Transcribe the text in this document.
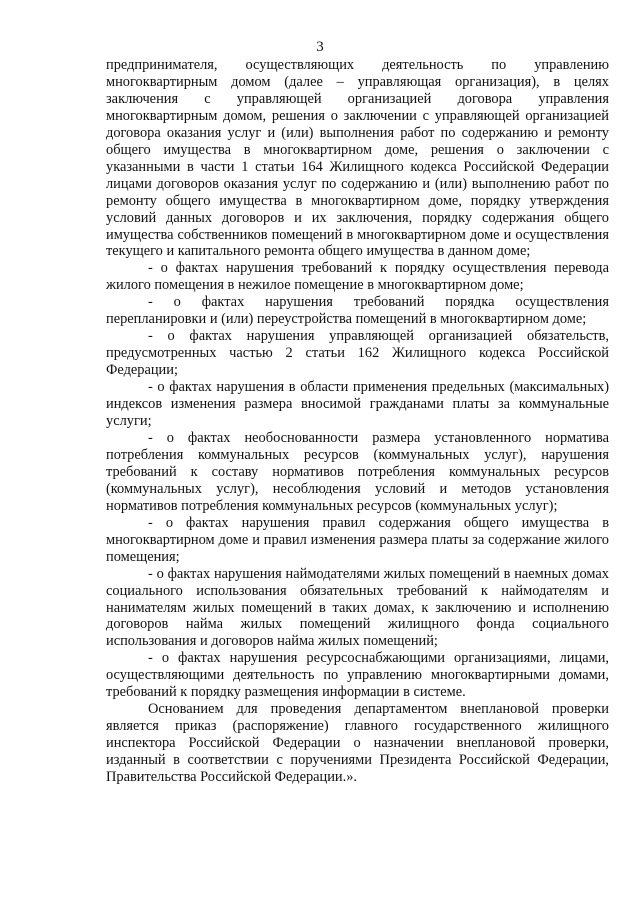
3

предпринимателя, осуществляющих деятельность по управлению многоквартирным домом (далее – управляющая организация), в целях заключения с управляющей организацией договора управления многоквартирным домом, решения о заключении с управляющей организацией договора оказания услуг и (или) выполнения работ по содержанию и ремонту общего имущества в многоквартирном доме, решения о заключении с указанными в части 1 статьи 164 Жилищного кодекса Российской Федерации лицами договоров оказания услуг по содержанию и (или) выполнению работ по ремонту общего имущества в многоквартирном доме, порядку утверждения условий данных договоров и их заключения, порядку содержания общего имущества собственников помещений в многоквартирном доме и осуществления текущего и капитального ремонта общего имущества в данном доме;

- о фактах нарушения требований к порядку осуществления перевода жилого помещения в нежилое помещение в многоквартирном доме;

- о фактах нарушения требований порядка осуществления перепланировки и (или) переустройства помещений в многоквартирном доме;

- о фактах нарушения управляющей организацией обязательств, предусмотренных частью 2 статьи 162 Жилищного кодекса Российской Федерации;

- о фактах нарушения в области применения предельных (максимальных) индексов изменения размера вносимой гражданами платы за коммунальные услуги;

- о фактах необоснованности размера установленного норматива потребления коммунальных ресурсов (коммунальных услуг), нарушения требований к составу нормативов потребления коммунальных ресурсов (коммунальных услуг), несоблюдения условий и методов установления нормативов потребления коммунальных ресурсов (коммунальных услуг);

- о фактах нарушения правил содержания общего имущества в многоквартирном доме и правил изменения размера платы за содержание жилого помещения;

- о фактах нарушения наймодателями жилых помещений в наемных домах социального использования обязательных требований к наймодателям и нанимателям жилых помещений в таких домах, к заключению и исполнению договоров найма жилых помещений жилищного фонда социального использования и договоров найма жилых помещений;

- о фактах нарушения ресурсоснабжающими организациями, лицами, осуществляющими деятельность по управлению многоквартирными домами, требований к порядку размещения информации в системе.

Основанием для проведения департаментом внеплановой проверки является приказ (распоряжение) главного государственного жилищного инспектора Российской Федерации о назначении внеплановой проверки, изданный в соответствии с поручениями Президента Российской Федерации, Правительства Российской Федерации.».
